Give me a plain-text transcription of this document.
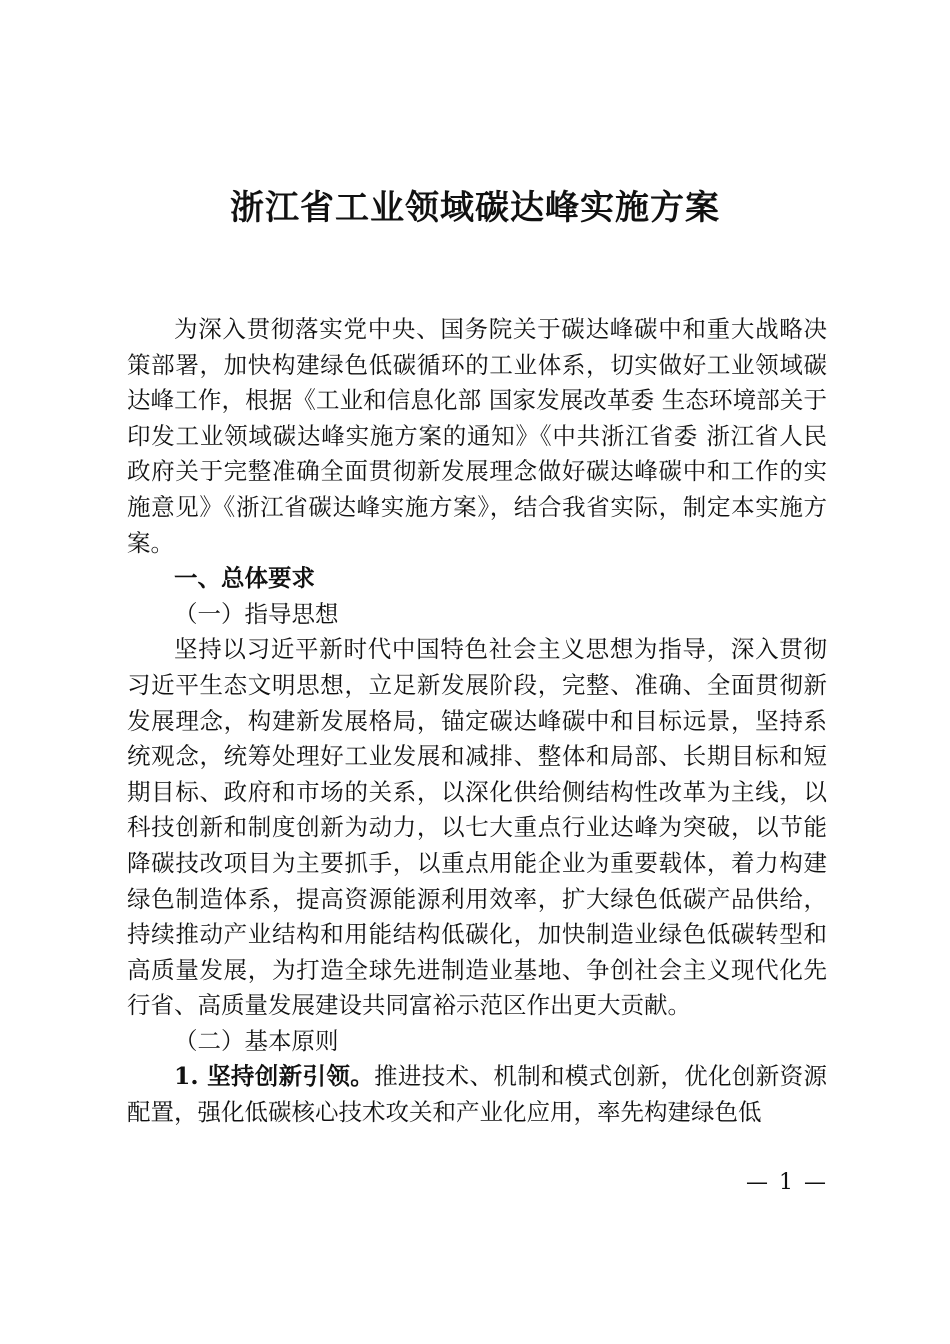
浙江省工业领域碳达峰实施方案

为深入贯彻落实党中央、国务院关于碳达峰碳中和重大战略决策部署，加快构建绿色低碳循环的工业体系，切实做好工业领域碳达峰工作，根据《工业和信息化部 国家发展改革委 生态环境部关于印发工业领域碳达峰实施方案的通知》《中共浙江省委 浙江省人民政府关于完整准确全面贯彻新发展理念做好碳达峰碳中和工作的实施意见》《浙江省碳达峰实施方案》，结合我省实际，制定本实施方案。

一、总体要求

（一）指导思想

坚持以习近平新时代中国特色社会主义思想为指导，深入贯彻习近平生态文明思想，立足新发展阶段，完整、准确、全面贯彻新发展理念，构建新发展格局，锚定碳达峰碳中和目标远景，坚持系统观念，统筹处理好工业发展和减排、整体和局部、长期目标和短期目标、政府和市场的关系，以深化供给侧结构性改革为主线，以科技创新和制度创新为动力，以七大重点行业达峰为突破，以节能降碳技改项目为主要抓手，以重点用能企业为重要载体，着力构建绿色制造体系，提高资源能源利用效率，扩大绿色低碳产品供给，持续推动产业结构和用能结构低碳化，加快制造业绿色低碳转型和高质量发展，为打造全球先进制造业基地、争创社会主义现代化先行省、高质量发展建设共同富裕示范区作出更大贡献。

（二）基本原则

1. 坚持创新引领。推进技术、机制和模式创新，优化创新资源配置，强化低碳核心技术攻关和产业化应用，率先构建绿色低

— 1 —
